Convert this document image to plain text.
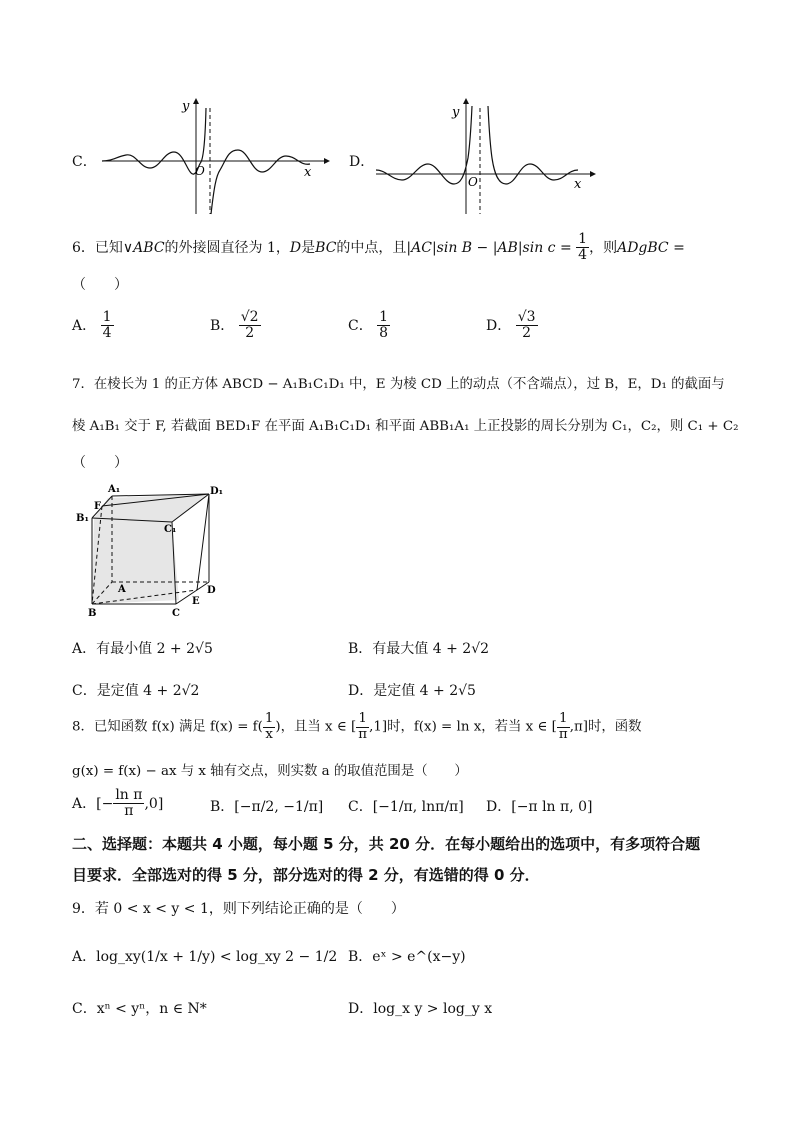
C．
y
x
O
D．
y
x
O
6．已知∨ABC的外接圆直径为 1，D是BC的中点，且|AC|sin B − |AB|sin $c = \frac{1}{4}$ ，则ADgBC =
（　　）
A． $\frac{1}{4}$	B． $\frac{√2}{2}$	C． $\frac{1}{8}$	D． $\frac{√3}{2}$
7．在棱长为 1 的正方体 ABCD − A₁B₁C₁D₁ 中，E 为棱 CD 上的动点（不含端点），过 B，E，D₁ 的截面与
棱 A₁B₁ 交于 F, 若截面 BED₁F 在平面 A₁B₁C₁D₁ 和平面 ABB₁A₁ 上正投影的周长分别为 C₁，C₂，则 C₁ + C₂
（　　）
B₁
F
A₁	D₁
C₁
A
B	C
D
E
A．有最小值 2 + 2√5	B．有最大值 4 + 2√2
C．是定值 4 + 2√2	D．是定值 4 + 2√5
8．已知函数 f(x) 满足 $f(x) = f( \frac{1}{x}$ )，且当 x ∈ [ $\frac{1}{\pi} ,1$]时，f(x) = ln x，若当 x ∈ [ $\frac{1}{\pi} ,\pi$]时，函数
g(x) = f(x) − ax 与 x 轴有交点，则实数 a 的取值范围是（　　）
A．[− $\frac{\text{ln π}}{\pi} ,0$]	B．[−π/2, −1/π] C．[−1/π, lnπ/π] D．[−π ln π, 0]
二、选择题：本题共 4 小题，每小题 5 分，共 20 分．在每小题给出的选项中，有多项符合题
目要求．全部选对的得 5 分，部分选对的得 2 分，有选错的得 0 分．
9．若 0 < x < y < 1，则下列结论正确的是（　　）
A．log_xy(1/x + 1/y) < log_xy 2 − 1/2 B．eˣ > e^(x−y)
C．xⁿ < yⁿ，n ∈ N*	D．log_x y > log_y x
